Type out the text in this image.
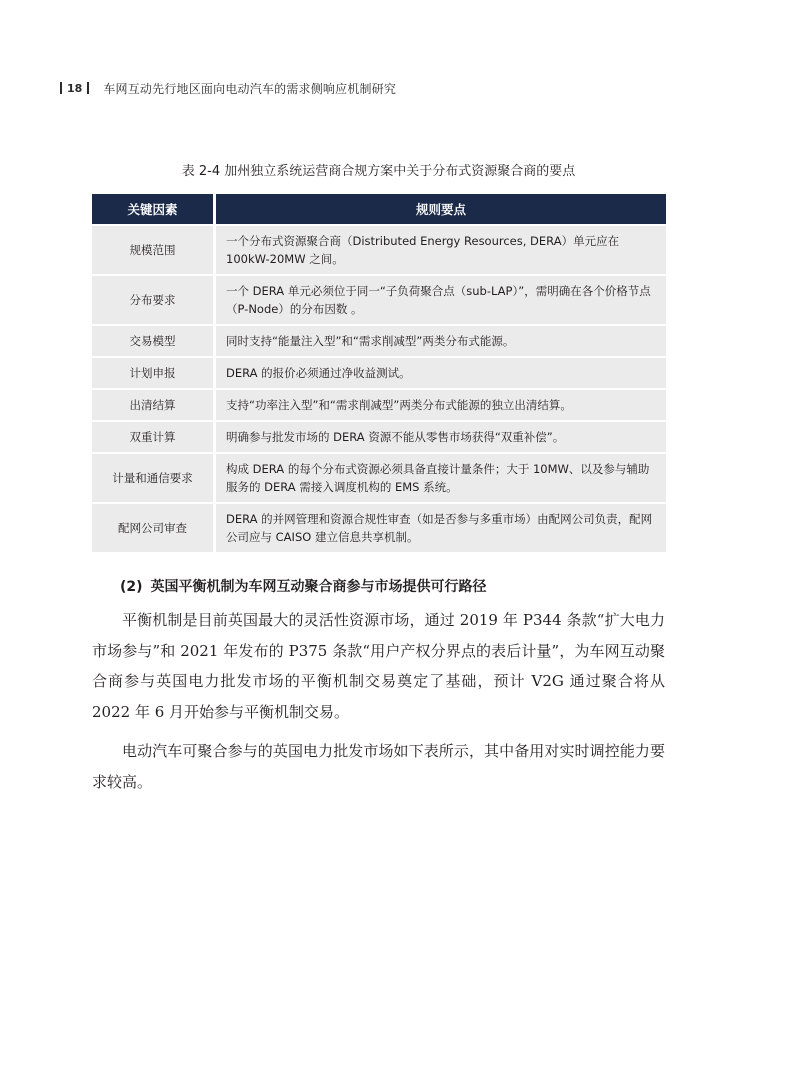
18 车网互动先行地区面向电动汽车的需求侧响应机制研究
表 2-4 加州独立系统运营商合规方案中关于分布式资源聚合商的要点
关键因素	规则要点
规模范围	一个分布式资源聚合商（Distributed Energy Resources, DERA）单元应在 100kW-20MW 之间。
分布要求	一个 DERA 单元必须位于同一“子负荷聚合点（sub-LAP）”，需明确在各个价格节点（P-Node）的分布因数 。
交易模型	同时支持“能量注入型”和“需求削减型”两类分布式能源。
计划申报	DERA 的报价必须通过净收益测试。
出清结算	支持“功率注入型”和“需求削减型”两类分布式能源的独立出清结算。
双重计算	明确参与批发市场的 DERA 资源不能从零售市场获得“双重补偿”。
计量和通信要求	构成 DERA 的每个分布式资源必须具备直接计量条件；大于 10MW、以及参与辅助服务的 DERA 需接入调度机构的 EMS 系统。
配网公司审查	DERA 的并网管理和资源合规性审查（如是否参与多重市场）由配网公司负责，配网公司应与 CAISO 建立信息共享机制。
(2) 英国平衡机制为车网互动聚合商参与市场提供可行路径

平衡机制是目前英国最大的灵活性资源市场，通过 2019 年 P344 条款“扩大电力市场参与”和 2021 年发布的 P375 条款“用户产权分界点的表后计量”，为车网互动聚合商参与英国电力批发市场的平衡机制交易奠定了基础，预计 V2G 通过聚合将从 2022 年 6 月开始参与平衡机制交易。

电动汽车可聚合参与的英国电力批发市场如下表所示，其中备用对实时调控能力要求较高。
